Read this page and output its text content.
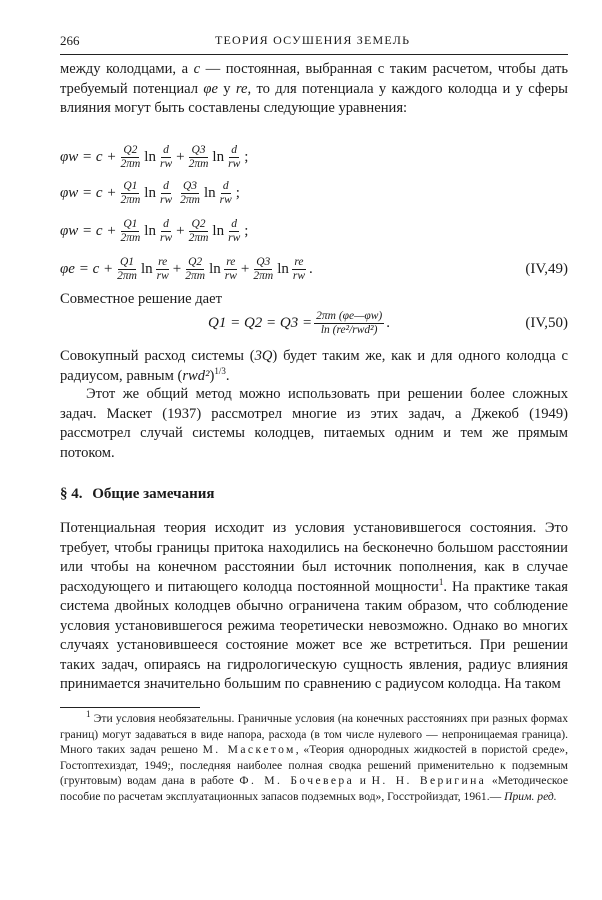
266	ТЕОРИЯ ОСУШЕНИЯ ЗЕМЕЛЬ

между колодцами, а c — постоянная, выбранная с таким расчетом, чтобы дать требуемый потенциал φe у re, то для потенциала у каждого колодца и у сферы влияния могут быть составлены следующие уравнения:

$\varphi w = c + \frac{Q2}{2\pi m}$ $\ln \frac{d}{rw} + \frac{Q3}{2\pi m}$ $\ln \frac{d}{rw}$ ;
$\varphi w = c + \frac{Q1}{2\pi m}$ $\ln \frac{d}{rw} \frac{Q3}{2\pi m}$ $\ln \frac{d}{rw}$ ;
$\varphi w = c + \frac{Q1}{2\pi m}$ $\ln \frac{d}{rw} + \frac{Q2}{2\pi m}$ $\ln \frac{d}{rw}$ ;
$\varphi e = c + \frac{Q1}{2\pi m}$ $\ln \frac{re}{rw} + \frac{Q2}{2\pi m}$ $\ln \frac{re}{rw} + \frac{Q3}{2\pi m}$ $\ln \frac{re}{rw}$ .	(IV,49)
Совместное решение дает
$Q1 = Q2 = Q3 = \frac{2\pi m (\varphi e—\varphi w)}{\text{ln (re²/rwd²)}}$ .	(IV,50)

Совокупный расход системы (3Q) будет таким же, как и для одного колодца с радиусом, равным $(rwd^2)^{1/3}$.

Этот же общий метод можно использовать при решении более сложных задач. Маскет (1937) рассмотрел многие из этих задач, а Джекоб (1949) рассмотрел случай системы колодцев, питаемых одним и тем же прямым потоком.

§ 4. Общие замечания

Потенциальная теория исходит из условия установившегося состояния. Это требует, чтобы границы притока находились на бесконечно большом расстоянии или чтобы на конечном расстоянии был источник пополнения, как в случае расходующего и питающего колодца постоянной мощности$^1$. На практике такая система двойных колодцев обычно ограничена таким образом, что соблюдение условия установившегося режима теоретически невозможно. Однако во многих случаях установившееся состояние может все же встретиться. При решении таких задач, опираясь на гидрологическую сущность явления, радиус влияния принимается значительно большим по сравнению с радиусом колодца. На таком

$^1$ Эти условия необязательны. Граничные условия (на конечных расстояниях при разных формах границ) могут задаваться в виде напора, расхода (в том числе нулевого — непроницаемая граница). Много таких задач решено М. Маскетом, «Теория однородных жидкостей в пористой среде», Гостоптехиздат, 1949;, последняя наиболее полная сводка решений применительно к подземным (грунтовым) водам дана в работе Ф. М. Бочевера и Н. Н. Веригина «Методическое пособие по расчетам эксплуатационных запасов подземных вод», Госстройиздат, 1961.— Прим. ред.
